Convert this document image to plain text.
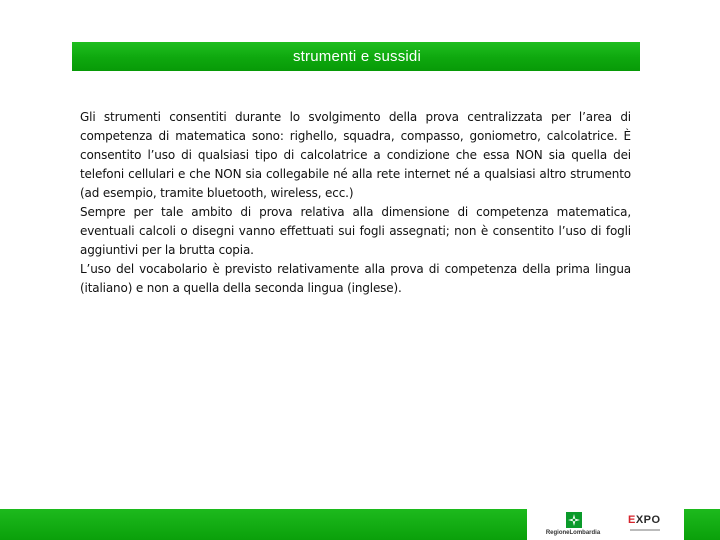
strumenti e sussidi

Gli strumenti consentiti durante lo svolgimento della prova centralizzata per l’area di competenza di matematica sono: righello, squadra, compasso, goniometro, calcolatrice. È consentito l’uso di qualsiasi tipo di calcolatrice a condizione che essa NON sia quella dei telefoni cellulari e che NON sia collegabile né alla rete internet né a qualsiasi altro strumento (ad esempio, tramite bluetooth, wireless, ecc.)

Sempre per tale ambito di prova relativa alla dimensione di competenza matematica, eventuali calcoli o disegni vanno effettuati sui fogli assegnati; non è consentito l’uso di fogli aggiuntivi per la brutta copia.

L’uso del vocabolario è previsto relativamente alla prova di competenza della prima lingua (italiano) e non a quella della seconda lingua (inglese).

RegioneLombardia
EXPO
